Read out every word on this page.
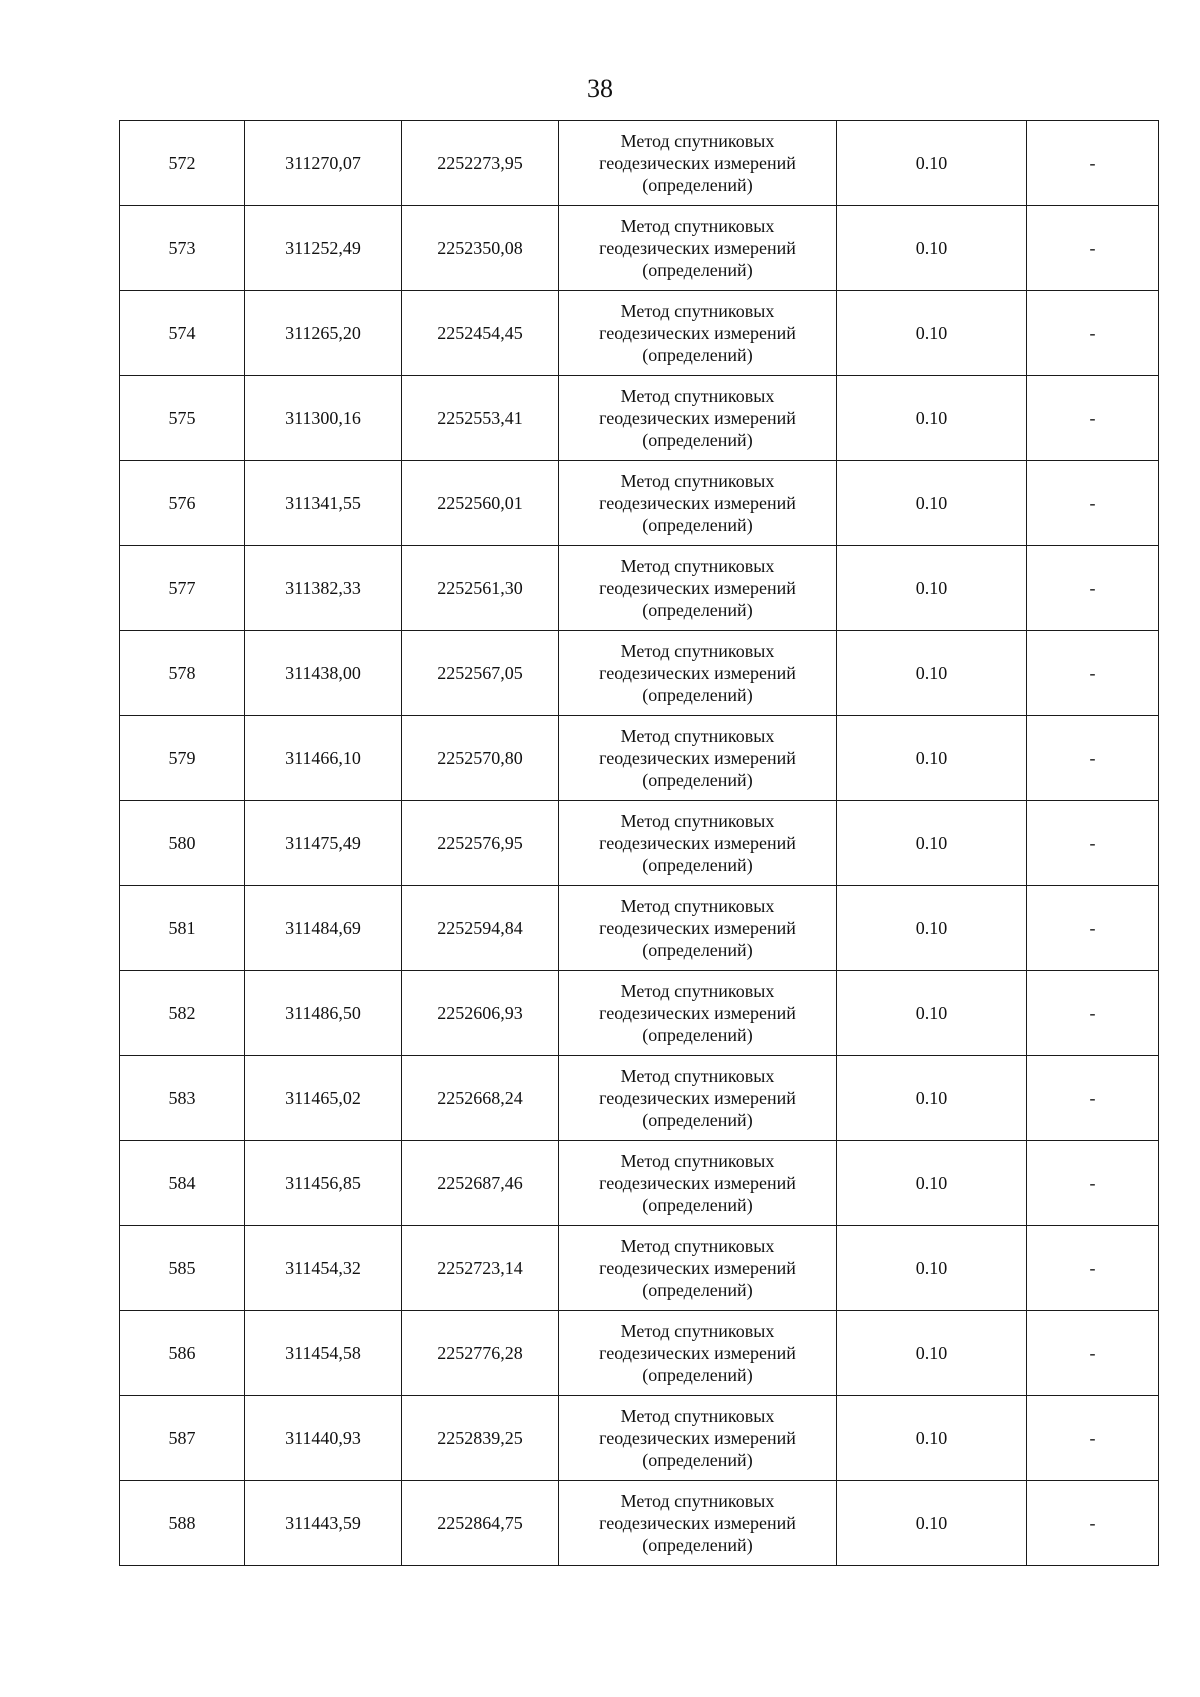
38
572	311270,07	2252273,95	Метод спутниковых
геодезических измерений
(определений)	0.10	-
573	311252,49	2252350,08	Метод спутниковых
геодезических измерений
(определений)	0.10	-
574	311265,20	2252454,45	Метод спутниковых
геодезических измерений
(определений)	0.10	-
575	311300,16	2252553,41	Метод спутниковых
геодезических измерений
(определений)	0.10	-
576	311341,55	2252560,01	Метод спутниковых
геодезических измерений
(определений)	0.10	-
577	311382,33	2252561,30	Метод спутниковых
геодезических измерений
(определений)	0.10	-
578	311438,00	2252567,05	Метод спутниковых
геодезических измерений
(определений)	0.10	-
579	311466,10	2252570,80	Метод спутниковых
геодезических измерений
(определений)	0.10	-
580	311475,49	2252576,95	Метод спутниковых
геодезических измерений
(определений)	0.10	-
581	311484,69	2252594,84	Метод спутниковых
геодезических измерений
(определений)	0.10	-
582	311486,50	2252606,93	Метод спутниковых
геодезических измерений
(определений)	0.10	-
583	311465,02	2252668,24	Метод спутниковых
геодезических измерений
(определений)	0.10	-
584	311456,85	2252687,46	Метод спутниковых
геодезических измерений
(определений)	0.10	-
585	311454,32	2252723,14	Метод спутниковых
геодезических измерений
(определений)	0.10	-
586	311454,58	2252776,28	Метод спутниковых
геодезических измерений
(определений)	0.10	-
587	311440,93	2252839,25	Метод спутниковых
геодезических измерений
(определений)	0.10	-
588	311443,59	2252864,75	Метод спутниковых
геодезических измерений
(определений)	0.10	-
